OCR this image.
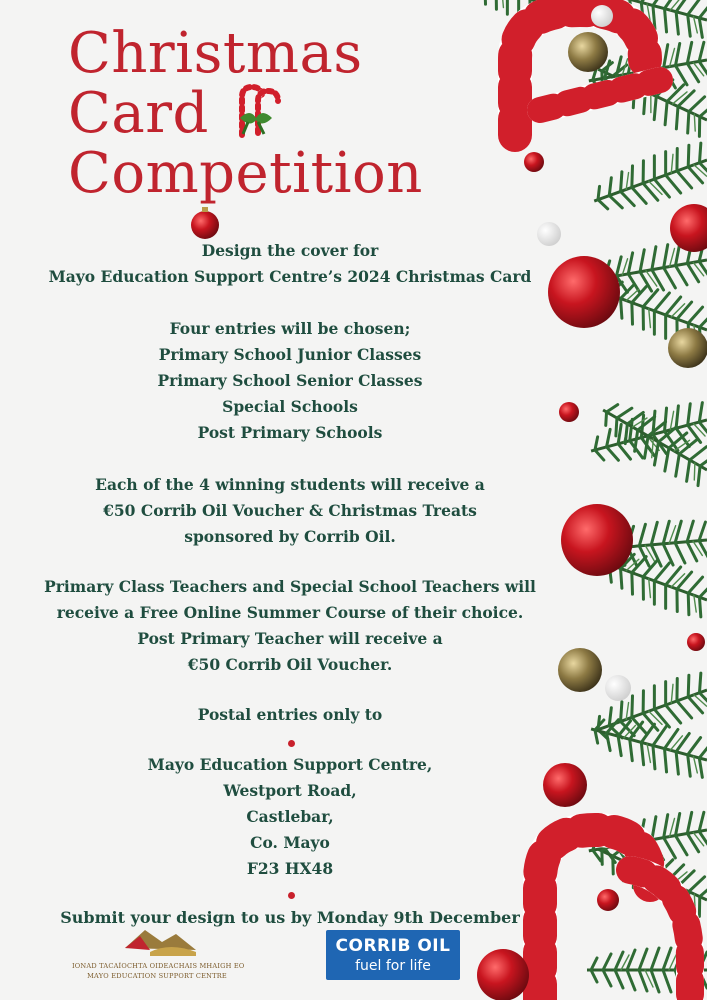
Christmas
Card
Competition
Design the cover for
Mayo Education Support Centre’s 2024 Christmas Card
Four entries will be chosen;
Primary School Junior Classes
Primary School Senior Classes
Special Schools
Post Primary Schools
Each of the 4 winning students will receive a
€50 Corrib Oil Voucher & Christmas Treats
sponsored by Corrib Oil.
Primary Class Teachers and Special School Teachers will
receive a Free Online Summer Course of their choice.
Post Primary Teacher will receive a
€50 Corrib Oil Voucher.
Postal entries only to
Mayo Education Support Centre,
Westport Road,
Castlebar,
Co. Mayo
F23 HX48
Submit your design to us by Monday 9th December
IONAD TACAÍOCHTA OIDEACHAIS MHAIGH EO
MAYO EDUCATION SUPPORT CENTRE
CORRIB OIL
fuel for life
